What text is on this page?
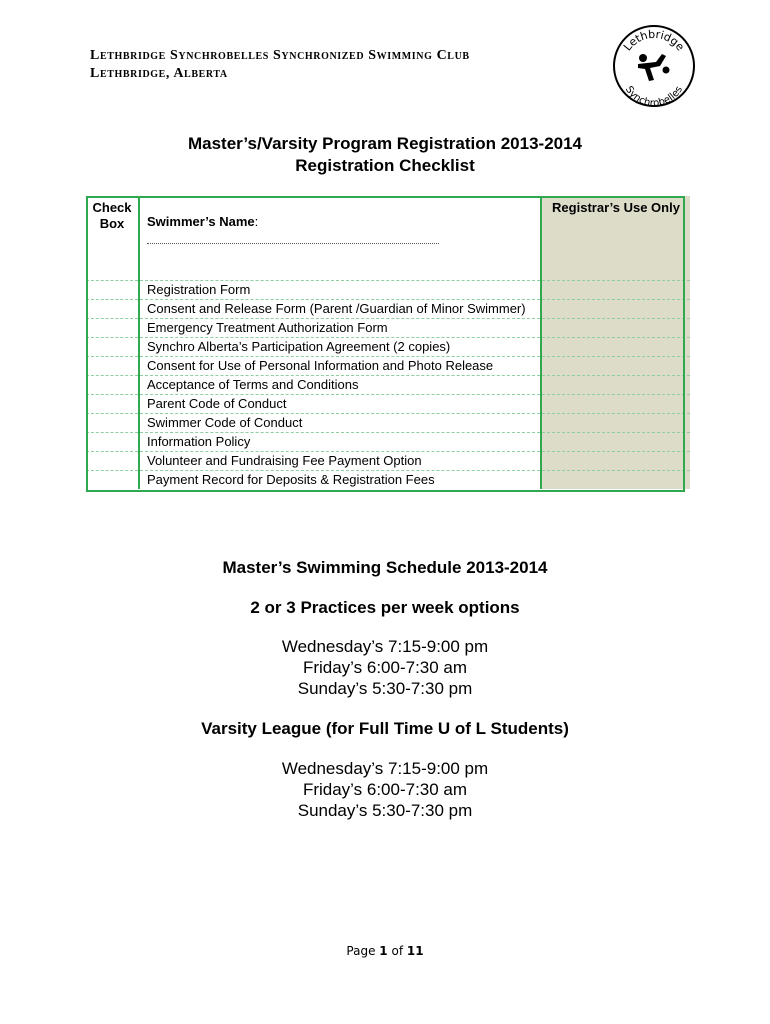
Lethbridge Synchrobelles Synchronized Swimming Club
Lethbridge, Alberta
Lethbridge
Synchrobelles
Master’s/Varsity Program Registration 2013-2014
Registration Checklist
Check
Box	Swimmer’s Name:	Registrar’s Use Only
	Registration Form	
	Consent and Release Form (Parent /Guardian of Minor Swimmer)	
	Emergency Treatment Authorization Form	
	Synchro Alberta’s Participation Agreement (2 copies)	
	Consent for Use of Personal Information and Photo Release	
	Acceptance of Terms and Conditions	
	Parent Code of Conduct	
	Swimmer Code of Conduct	
	Information Policy	
	Volunteer and Fundraising Fee Payment Option	
	Payment Record for Deposits & Registration Fees	
Master’s Swimming Schedule 2013-2014
2 or 3 Practices per week options
Wednesday’s 7:15-9:00 pm
Friday’s 6:00-7:30 am
Sunday’s 5:30-7:30 pm
Varsity League (for Full Time U of L Students)
Wednesday’s 7:15-9:00 pm
Friday’s 6:00-7:30 am
Sunday’s 5:30-7:30 pm
Page 1 of 11
